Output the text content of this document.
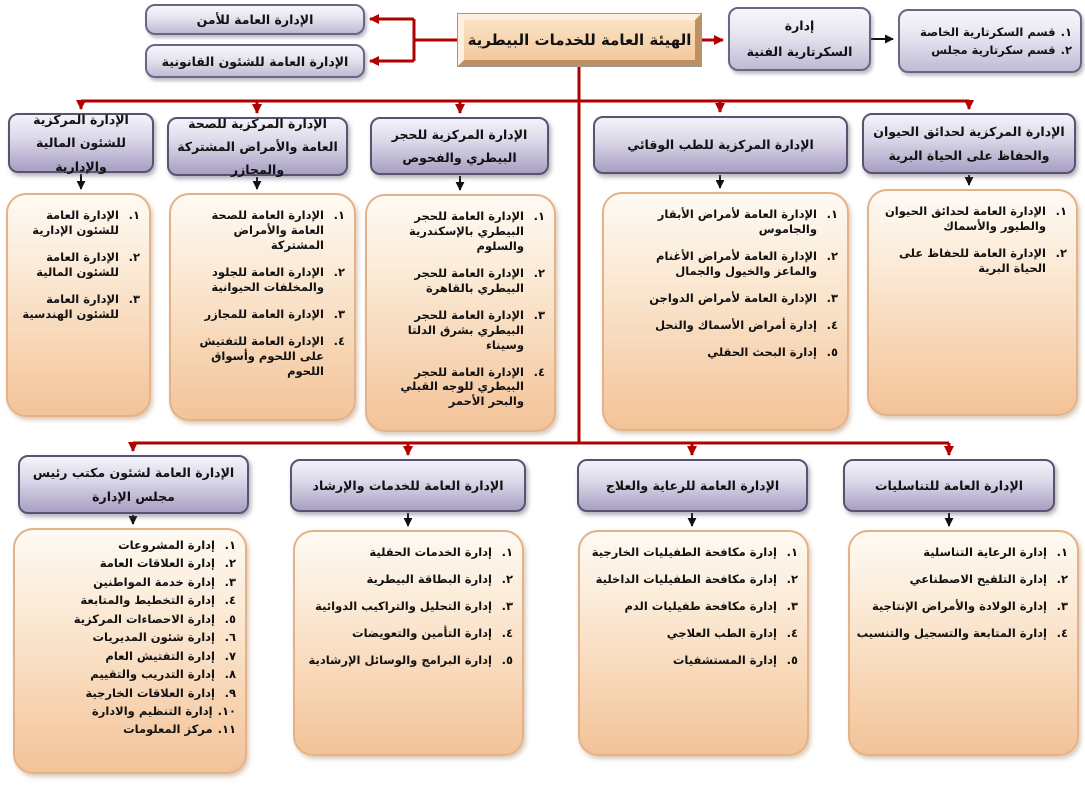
الإدارة العامة للأمن
الإدارة العامة للشئون القانونية
الهيئة العامة للخدمات البيطرية
إدارة
السكرتارية الفنية
١.
قسم السكرتارية الخاصة
٢.
قسم سكرتارية مجلس
الإدارة المركزية للشئون المالية والإدارية
الإدارة المركزية للصحة العامة والأمراض المشتركة والمجازر
الإدارة المركزية للحجر البيطري والفحوص
الإدارة المركزية للطب الوقائي
الإدارة المركزية لحدائق الحيوان والحفاظ على الحياة البرية
١.
الإدارة العامة للشئون الإدارية
٢.
الإدارة العامة للشئون المالية
٣.
الإدارة العامة للشئون الهندسية
١.
الإدارة العامة للصحة العامة والأمراض المشتركة
٢.
الإدارة العامة للجلود والمخلفات الحيوانية
٣.
الإدارة العامة للمجازر
٤.
الإدارة العامة للتفتيش على اللحوم وأسواق اللحوم
١.
الإدارة العامة للحجر البيطري بالإسكندرية والسلوم
٢.
الإدارة العامة للحجر البيطري بالقاهرة
٣.
الإدارة العامة للحجر البيطري بشرق الدلتا وسيناء
٤.
الإدارة العامة للحجر البيطري للوجه القبلي والبحر الأحمر
١.
الإدارة العامة لأمراض الأبقار والجاموس
٢.
الإدارة العامة لأمراض الأغنام والماعز والخيول والجمال
٣.
الإدارة العامة لأمراض الدواجن
٤.
إدارة أمراض الأسماك والنحل
٥.
إدارة البحث الحقلي
١.
الإدارة العامة لحدائق الحيوان والطيور والأسماك
٢.
الإدارة العامة للحفاظ على الحياة البرية
الإدارة العامة لشئون مكتب رئيس مجلس الإدارة
الإدارة العامة للخدمات والإرشاد	الإدارة العامة للرعاية والعلاج	الإدارة العامة للتناسليات
١.
إدارة المشروعات
٢.
إدارة العلاقات العامة
٣.
إدارة خدمة المواطنين
٤.
إدارة التخطيط والمتابعة
٥.
إدارة الاحصاءات المركزية
٦.
إدارة شئون المديريات
٧.
إدارة التفتيش العام
٨.
إدارة التدريب والتقييم
٩.
إدارة العلاقات الخارجية
١٠.
إدارة التنظيم والادارة
١١.
مركز المعلومات
١.
إدارة الخدمات الحقلية
٢.
إدارة البطاقة البيطرية
٣.
إدارة التحليل والتراكيب الدوائية
٤.
إدارة التأمين والتعويضات
٥.
إدارة البرامج والوسائل الإرشادية
١.
إدارة مكافحة الطفيليات الخارجية
٢.
إدارة مكافحة الطفيليات الداخلية
٣.
إدارة مكافحة طفيليات الدم
٤.
إدارة الطب العلاجي
٥.
إدارة المستشفيات
١.
إدارة الرعاية التناسلية
٢.
إدارة التلقيح الاصطناعي
٣.
إدارة الولادة والأمراض الإنتاجية
٤.
إدارة المتابعة والتسجيل والتنسيب
